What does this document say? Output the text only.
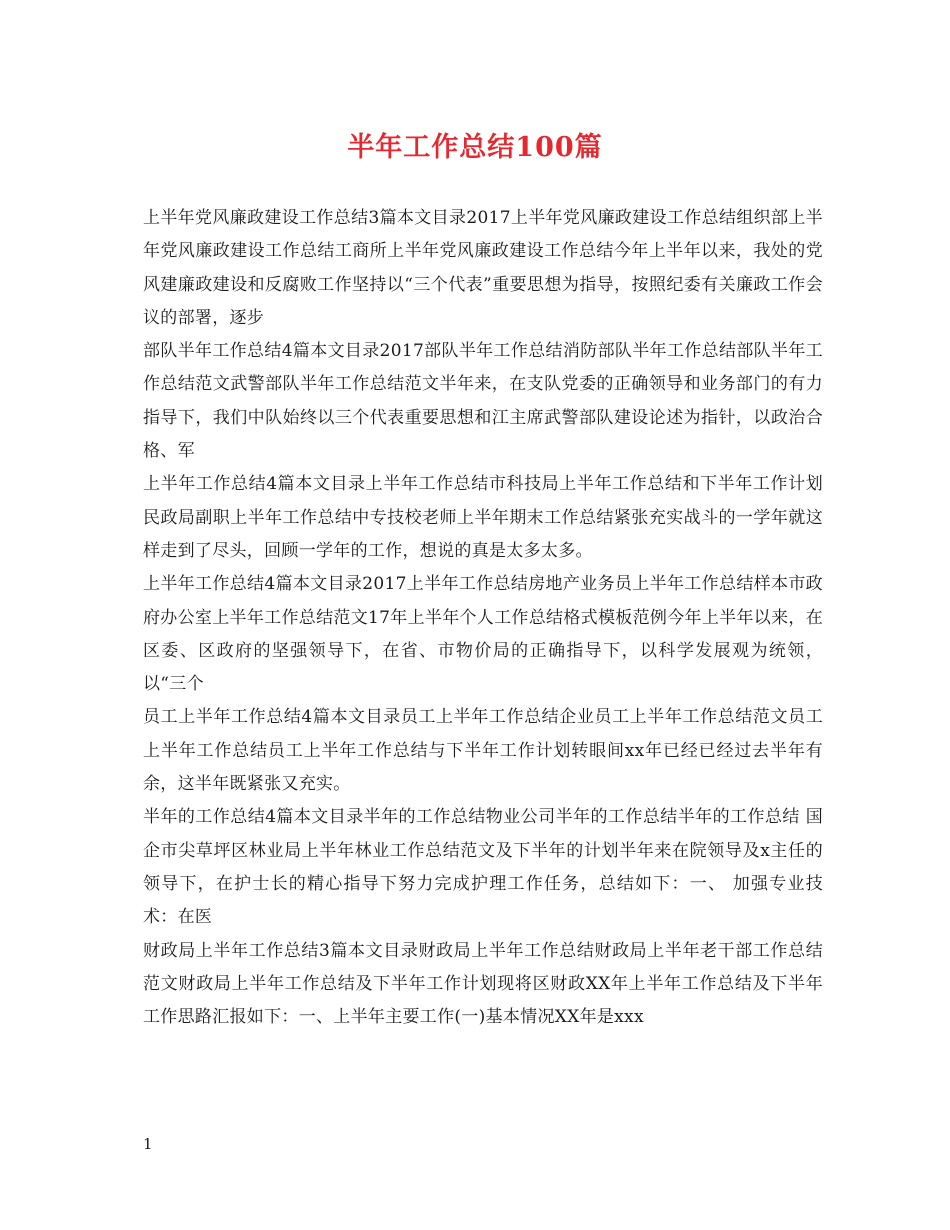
半年工作总结100篇

上半年党风廉政建设工作总结3篇本文目录2017上半年党风廉政建设工作总结组织部上半年党风廉政建设工作总结工商所上半年党风廉政建设工作总结今年上半年以来，我处的党风建廉政建设和反腐败工作坚持以“三个代表”重要思想为指导，按照纪委有关廉政工作会议的部署，逐步

部队半年工作总结4篇本文目录2017部队半年工作总结消防部队半年工作总结部队半年工作总结范文武警部队半年工作总结范文半年来，在支队党委的正确领导和业务部门的有力指导下，我们中队始终以三个代表重要思想和江主席武警部队建设论述为指针，以政治合格、军

上半年工作总结4篇本文目录上半年工作总结市科技局上半年工作总结和下半年工作计划民政局副职上半年工作总结中专技校老师上半年期末工作总结紧张充实战斗的一学年就这样走到了尽头，回顾一学年的工作，想说的真是太多太多。

上半年工作总结4篇本文目录2017上半年工作总结房地产业务员上半年工作总结样本市政府办公室上半年工作总结范文17年上半年个人工作总结格式模板范例今年上半年以来，在区委、区政府的坚强领导下，在省、市物价局的正确指导下，以科学发展观为统领，以“三个

员工上半年工作总结4篇本文目录员工上半年工作总结企业员工上半年工作总结范文员工上半年工作总结员工上半年工作总结与下半年工作计划转眼间xx年已经已经过去半年有余，这半年既紧张又充实。

半年的工作总结4篇本文目录半年的工作总结物业公司半年的工作总结半年的工作总结 国企市尖草坪区林业局上半年林业工作总结范文及下半年的计划半年来在院领导及x主任的领导下，在护士长的精心指导下努力完成护理工作任务，总结如下：一、 加强专业技术：在医

财政局上半年工作总结3篇本文目录财政局上半年工作总结财政局上半年老干部工作总结范文财政局上半年工作总结及下半年工作计划现将区财政XX年上半年工作总结及下半年工作思路汇报如下：一、上半年主要工作(一)基本情况XX年是xxx

1
